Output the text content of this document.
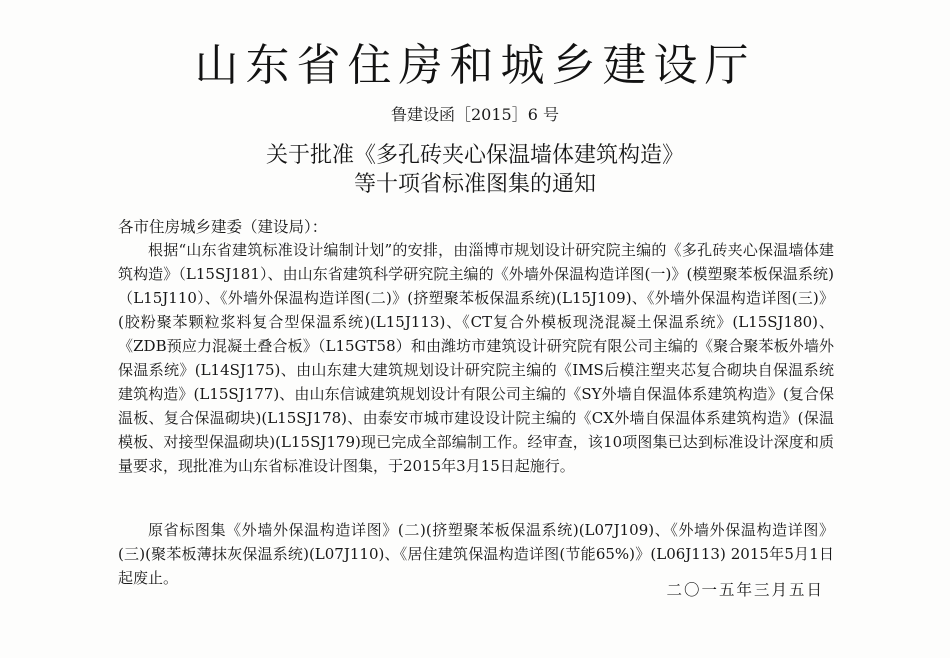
山东省住房和城乡建设厅
鲁建设函［2015］6 号
关于批准《多孔砖夹心保温墙体建筑构造》
等十项省标准图集的通知
各市住房城乡建委（建设局）：

根据“山东省建筑标准设计编制计划”的安排，由淄博市规划设计研究院主编的《多孔砖夹心保温墙体建筑构造》（L15SJ181）、由山东省建筑科学研究院主编的《外墙外保温构造详图(一)》(模塑聚苯板保温系统)（L15J110）、《外墙外保温构造详图(二)》(挤塑聚苯板保温系统)(L15J109)、《外墙外保温构造详图(三)》(胶粉聚苯颗粒浆料复合型保温系统)(L15J113)、《CT复合外模板现浇混凝土保温系统》(L15SJ180)、《ZDB预应力混凝土叠合板》（L15GT58）和由潍坊市建筑设计研究院有限公司主编的《聚合聚苯板外墙外保温系统》(L14SJ175)、由山东建大建筑规划设计研究院主编的《IMS后模注塑夹芯复合砌块自保温系统建筑构造》(L15SJ177)、由山东信诚建筑规划设计有限公司主编的《SY外墙自保温体系建筑构造》(复合保温板、复合保温砌块)(L15SJ178)、由泰安市城市建设设计院主编的《CX外墙自保温体系建筑构造》(保温模板、对接型保温砌块)(L15SJ179)现已完成全部编制工作。经审查，该10项图集已达到标准设计深度和质量要求，现批准为山东省标准设计图集，于2015年3月15日起施行。

原省标图集《外墙外保温构造详图》(二)(挤塑聚苯板保温系统)(L07J109)、《外墙外保温构造详图》(三)(聚苯板薄抹灰保温系统)(L07J110)、《居住建筑保温构造详图(节能65%)》(L06J113) 2015年5月1日起废止。

二〇一五年三月五日
